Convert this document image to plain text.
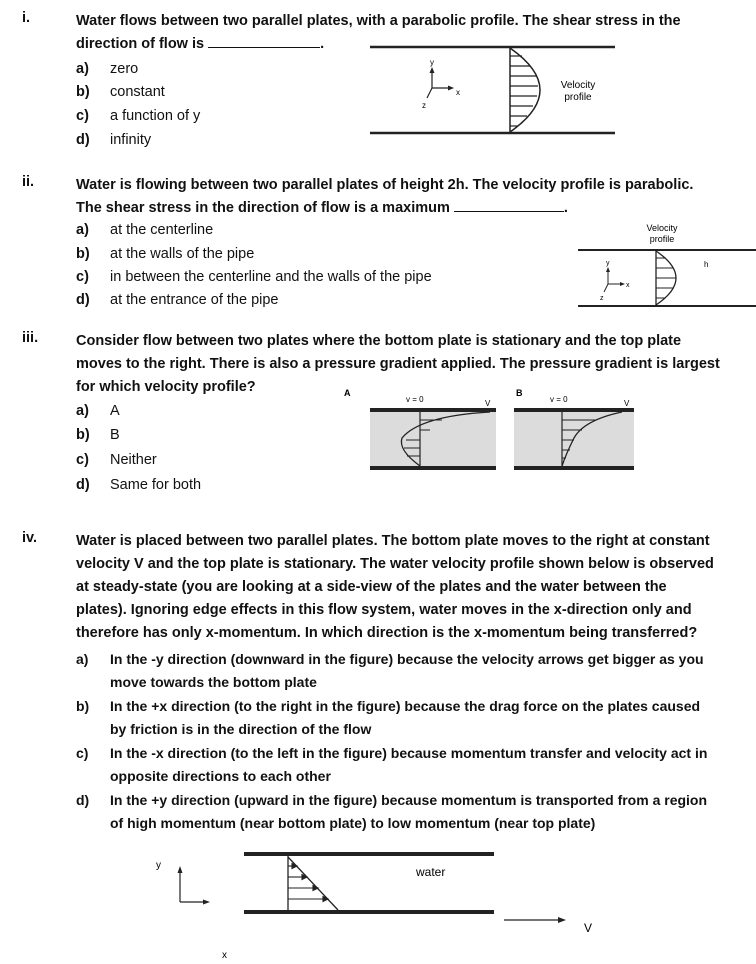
i.	Water flows between two parallel plates, with a parabolic profile. The shear stress in the
direction of flow is	.
a) zero
b) constant
c) a function of y
d) infinity
y
x
z
Velocity
profile
ii.	Water is flowing between two parallel plates of height 2h. The velocity profile is parabolic.
The shear stress in the direction of flow is a maximum	.
a) at the centerline
b) at the walls of the pipe
c) in between the centerline and the walls of the pipe
d) at the entrance of the pipe
Velocity
profile
h
y
x
z
iii.	Consider flow between two plates where the bottom plate is stationary and the top plate
moves to the right. There is also a pressure gradient applied. The pressure gradient is largest
for which velocity profile?
a) A
b) B
c) Neither
d) Same for both
A
v = 0	V
B
v = 0	V
iv.	Water is placed between two parallel plates. The bottom plate moves to the right at constant
velocity V and the top plate is stationary. The water velocity profile shown below is observed
at steady-state (you are looking at a side-view of the plates and the water between the
plates). Ignoring edge effects in this flow system, water moves in the x-direction only and
therefore has only x-momentum. In which direction is the x-momentum being transferred?
a) In the -y direction (downward in the figure) because the velocity arrows get bigger as you
move towards the bottom plate
b) In the +x direction (to the right in the figure) because the drag force on the plates caused
by friction is in the direction of the flow
c) In the -x direction (to the left in the figure) because momentum transfer and velocity act in
opposite directions to each other
d) In the +y direction (upward in the figure) because momentum is transported from a region
of high momentum (near bottom plate) to low momentum (near top plate)
water
y
x
V
